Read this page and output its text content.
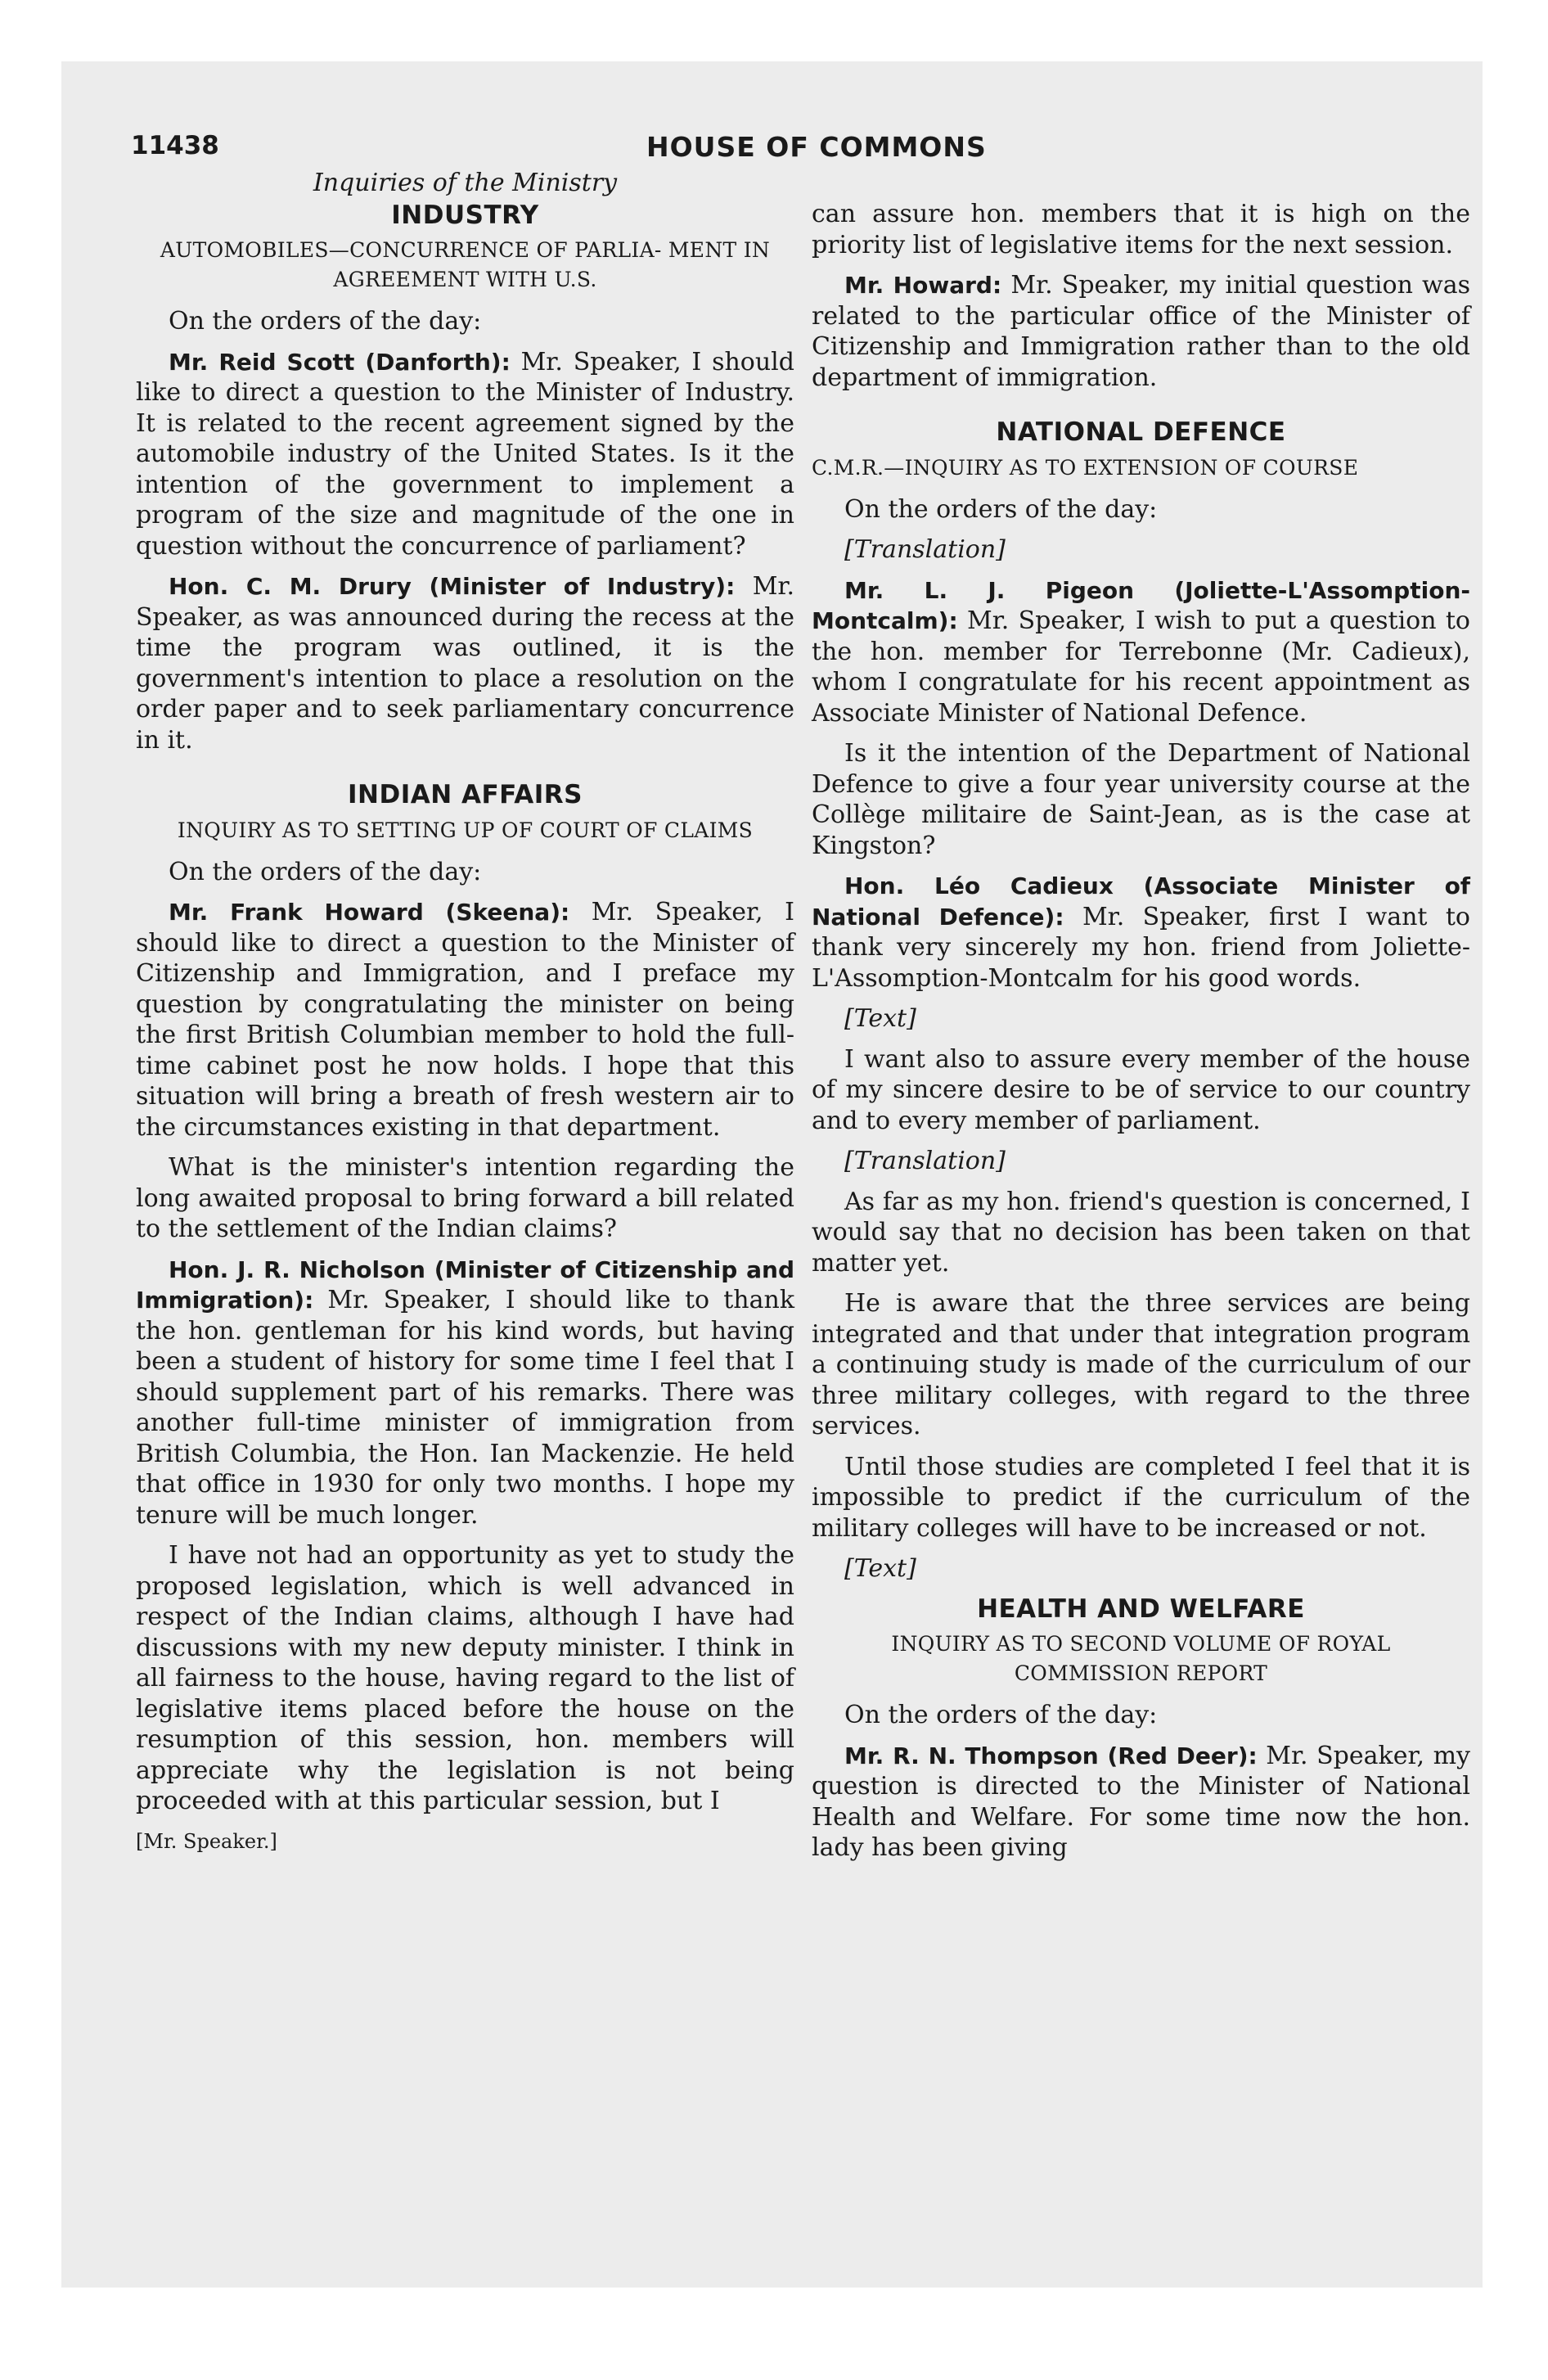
11438	HOUSE OF COMMONS
Inquiries of the Ministry
INDUSTRY
AUTOMOBILES—CONCURRENCE OF PARLIA- MENT IN AGREEMENT WITH U.S.

On the orders of the day:

Mr. Reid Scott (Danforth): Mr. Speaker, I should like to direct a question to the Minister of Industry. It is related to the recent agreement signed by the automobile industry of the United States. Is it the intention of the government to implement a program of the size and magnitude of the one in question without the concurrence of parliament?

Hon. C. M. Drury (Minister of Industry): Mr. Speaker, as was announced during the recess at the time the program was outlined, it is the government's intention to place a resolution on the order paper and to seek parliamentary concurrence in it.

INDIAN AFFAIRS
INQUIRY AS TO SETTING UP OF COURT OF CLAIMS

On the orders of the day:

Mr. Frank Howard (Skeena): Mr. Speaker, I should like to direct a question to the Minister of Citizenship and Immigration, and I preface my question by congratulating the minister on being the first British Columbian member to hold the full-time cabinet post he now holds. I hope that this situation will bring a breath of fresh western air to the circumstances existing in that department.

What is the minister's intention regarding the long awaited proposal to bring forward a bill related to the settlement of the Indian claims?

Hon. J. R. Nicholson (Minister of Citizenship and Immigration): Mr. Speaker, I should like to thank the hon. gentleman for his kind words, but having been a student of history for some time I feel that I should supplement part of his remarks. There was another full-time minister of immigration from British Columbia, the Hon. Ian Mackenzie. He held that office in 1930 for only two months. I hope my tenure will be much longer.

I have not had an opportunity as yet to study the proposed legislation, which is well advanced in respect of the Indian claims, although I have had discussions with my new deputy minister. I think in all fairness to the house, having regard to the list of legislative items placed before the house on the resumption of this session, hon. members will appreciate why the legislation is not being proceeded with at this particular session, but I

[Mr. Speaker.]

can assure hon. members that it is high on the priority list of legislative items for the next session.

Mr. Howard: Mr. Speaker, my initial question was related to the particular office of the Minister of Citizenship and Immigration rather than to the old department of immigration.

NATIONAL DEFENCE
C.M.R.—INQUIRY AS TO EXTENSION OF COURSE

On the orders of the day:

[Translation]

Mr. L. J. Pigeon (Joliette-L'Assomption-Montcalm): Mr. Speaker, I wish to put a question to the hon. member for Terrebonne (Mr. Cadieux), whom I congratulate for his recent appointment as Associate Minister of National Defence.

Is it the intention of the Department of National Defence to give a four year university course at the Collège militaire de Saint-Jean, as is the case at Kingston?

Hon. Léo Cadieux (Associate Minister of National Defence): Mr. Speaker, first I want to thank very sincerely my hon. friend from Joliette-L'Assomption-Montcalm for his good words.

[Text]

I want also to assure every member of the house of my sincere desire to be of service to our country and to every member of parliament.

[Translation]

As far as my hon. friend's question is concerned, I would say that no decision has been taken on that matter yet.

He is aware that the three services are being integrated and that under that integration program a continuing study is made of the curriculum of our three military colleges, with regard to the three services.

Until those studies are completed I feel that it is impossible to predict if the curriculum of the military colleges will have to be increased or not.

[Text]

HEALTH AND WELFARE
INQUIRY AS TO SECOND VOLUME OF ROYAL COMMISSION REPORT

On the orders of the day:

Mr. R. N. Thompson (Red Deer): Mr. Speaker, my question is directed to the Minister of National Health and Welfare. For some time now the hon. lady has been giving
